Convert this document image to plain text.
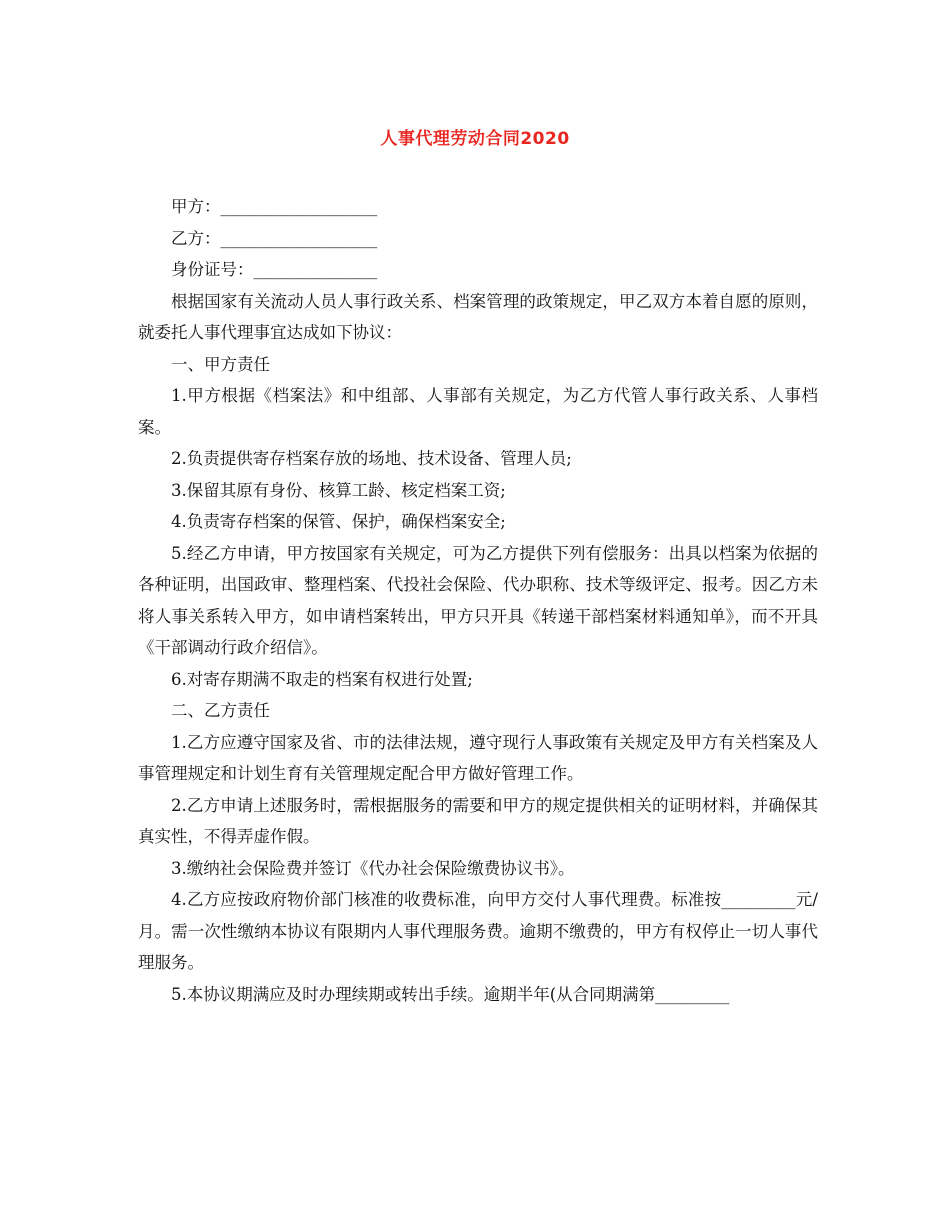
人事代理劳动合同2020

甲方：___________________

乙方：___________________

身份证号：_______________

根据国家有关流动人员人事行政关系、档案管理的政策规定，甲乙双方本着自愿的原则，就委托人事代理事宜达成如下协议：

一、甲方责任

1.甲方根据《档案法》和中组部、人事部有关规定，为乙方代管人事行政关系、人事档案。

2.负责提供寄存档案存放的场地、技术设备、管理人员;

3.保留其原有身份、核算工龄、核定档案工资;

4.负责寄存档案的保管、保护，确保档案安全;

5.经乙方申请，甲方按国家有关规定，可为乙方提供下列有偿服务：出具以档案为依据的各种证明，出国政审、整理档案、代投社会保险、代办职称、技术等级评定、报考。因乙方未将人事关系转入甲方，如申请档案转出，甲方只开具《转递干部档案材料通知单》，而不开具《干部调动行政介绍信》。

6.对寄存期满不取走的档案有权进行处置;

二、乙方责任

1.乙方应遵守国家及省、市的法律法规，遵守现行人事政策有关规定及甲方有关档案及人事管理规定和计划生育有关管理规定配合甲方做好管理工作。

2.乙方申请上述服务时，需根据服务的需要和甲方的规定提供相关的证明材料，并确保其真实性，不得弄虚作假。

3.缴纳社会保险费并签订《代办社会保险缴费协议书》。

4.乙方应按政府物价部门核准的收费标准，向甲方交付人事代理费。标准按_________元/月。需一次性缴纳本协议有限期内人事代理服务费。逾期不缴费的，甲方有权停止一切人事代理服务。

5.本协议期满应及时办理续期或转出手续。逾期半年(从合同期满第_________
